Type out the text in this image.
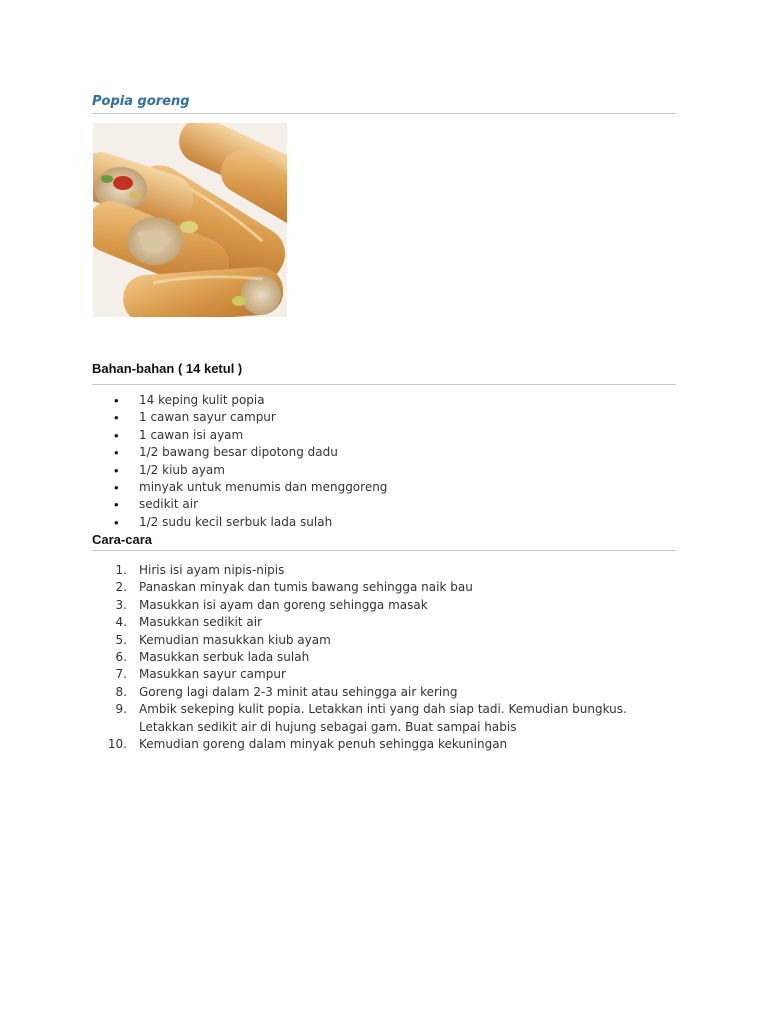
Popia goreng
Bahan-bahan ( 14 ketul )
• 14 keping kulit popia
• 1 cawan sayur campur
• 1 cawan isi ayam
• 1/2 bawang besar dipotong dadu
• 1/2 kiub ayam
• minyak untuk menumis dan menggoreng
• sedikit air
• 1/2 sudu kecil serbuk lada sulah
Cara-cara
1. Hiris isi ayam nipis-nipis
2. Panaskan minyak dan tumis bawang sehingga naik bau
3. Masukkan isi ayam dan goreng sehingga masak
4. Masukkan sedikit air
5. Kemudian masukkan kiub ayam
6. Masukkan serbuk lada sulah
7. Masukkan sayur campur
8. Goreng lagi dalam 2-3 minit atau sehingga air kering
9. Ambik sekeping kulit popia. Letakkan inti yang dah siap tadi. Kemudian bungkus. Letakkan sedikit air di hujung sebagai gam. Buat sampai habis
10. Kemudian goreng dalam minyak penuh sehingga kekuningan
